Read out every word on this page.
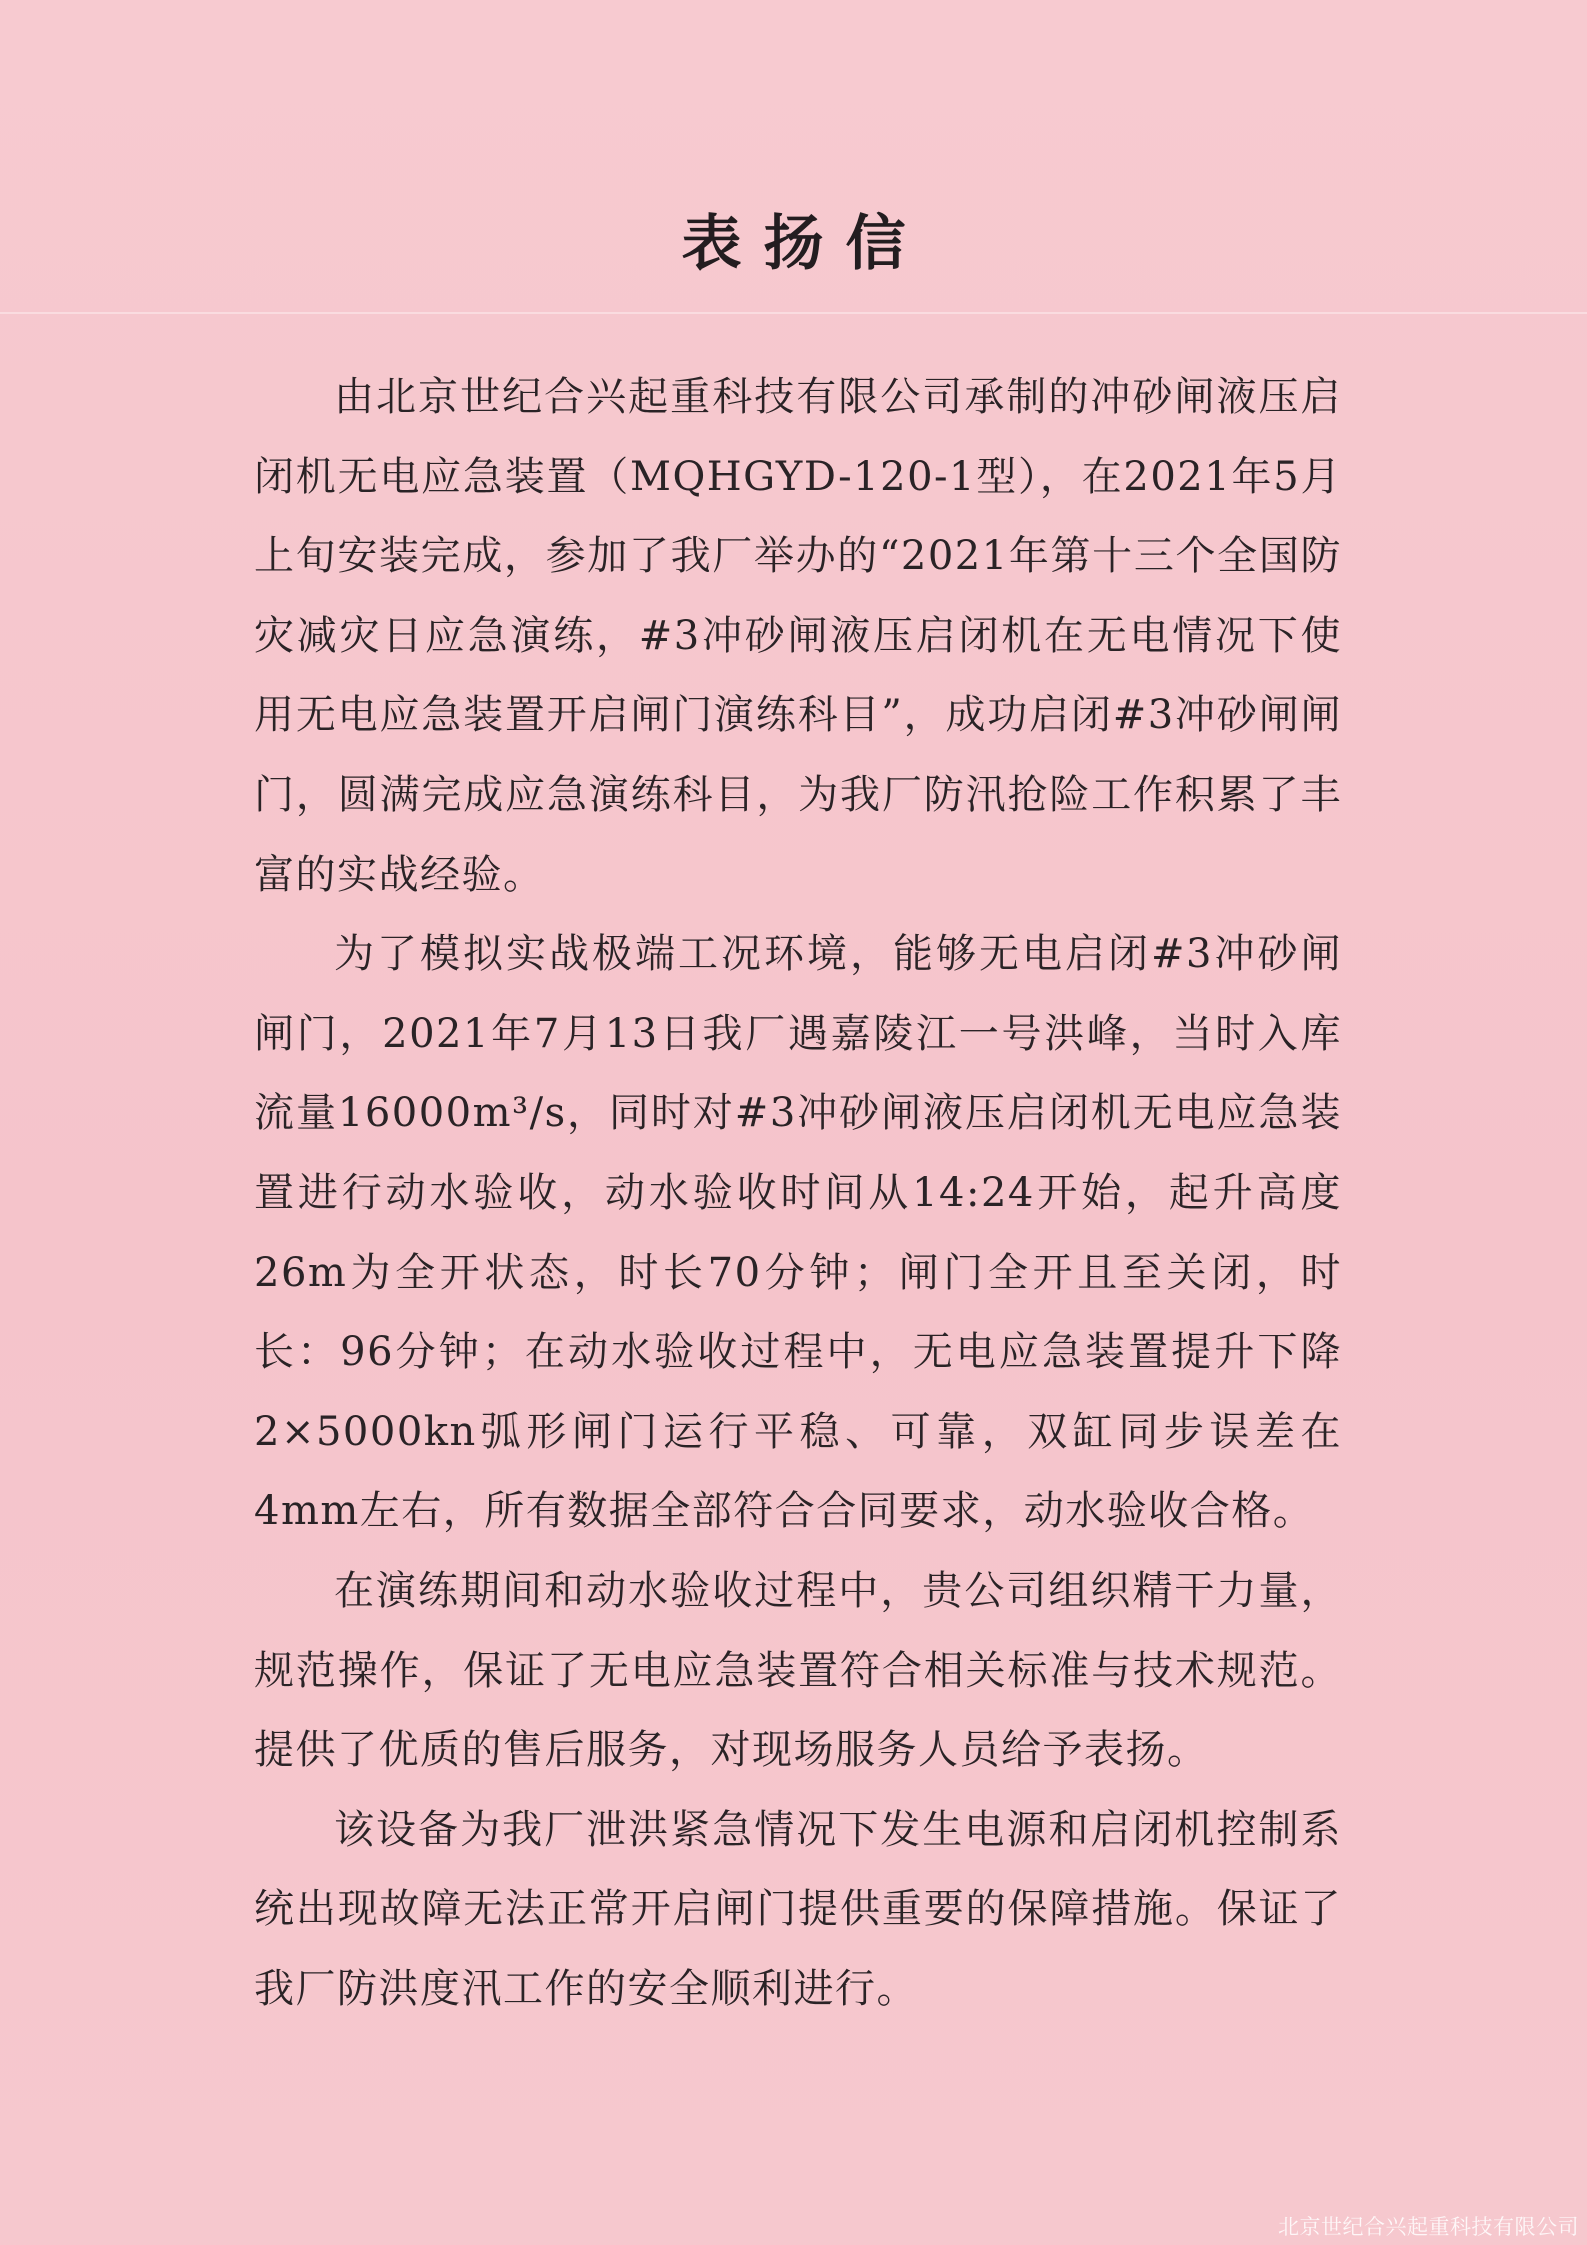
表扬信

由北京世纪合兴起重科技有限公司承制的冲砂闸液压启闭机无电应急装置（MQHGYD-120-1型），在2021年5月上旬安装完成，参加了我厂举办的“2021年第十三个全国防灾减灾日应急演练，#3冲砂闸液压启闭机在无电情况下使用无电应急装置开启闸门演练科目”，成功启闭#3冲砂闸闸门，圆满完成应急演练科目，为我厂防汛抢险工作积累了丰富的实战经验。

为了模拟实战极端工况环境，能够无电启闭#3冲砂闸闸门，2021年7月13日我厂遇嘉陵江一号洪峰，当时入库流量16000m³/s，同时对#3冲砂闸液压启闭机无电应急装置进行动水验收，动水验收时间从14:24开始，起升高度26m为全开状态，时长70分钟；闸门全开且至关闭，时长：96分钟；在动水验收过程中，无电应急装置提升下降2×5000kn弧形闸门运行平稳、可靠，双缸同步误差在4mm左右，所有数据全部符合合同要求，动水验收合格。

在演练期间和动水验收过程中，贵公司组织精干力量，规范操作，保证了无电应急装置符合相关标准与技术规范。提供了优质的售后服务，对现场服务人员给予表扬。

该设备为我厂泄洪紧急情况下发生电源和启闭机控制系统出现故障无法正常开启闸门提供重要的保障措施。保证了我厂防洪度汛工作的安全顺利进行。

北京世纪合兴起重科技有限公司
